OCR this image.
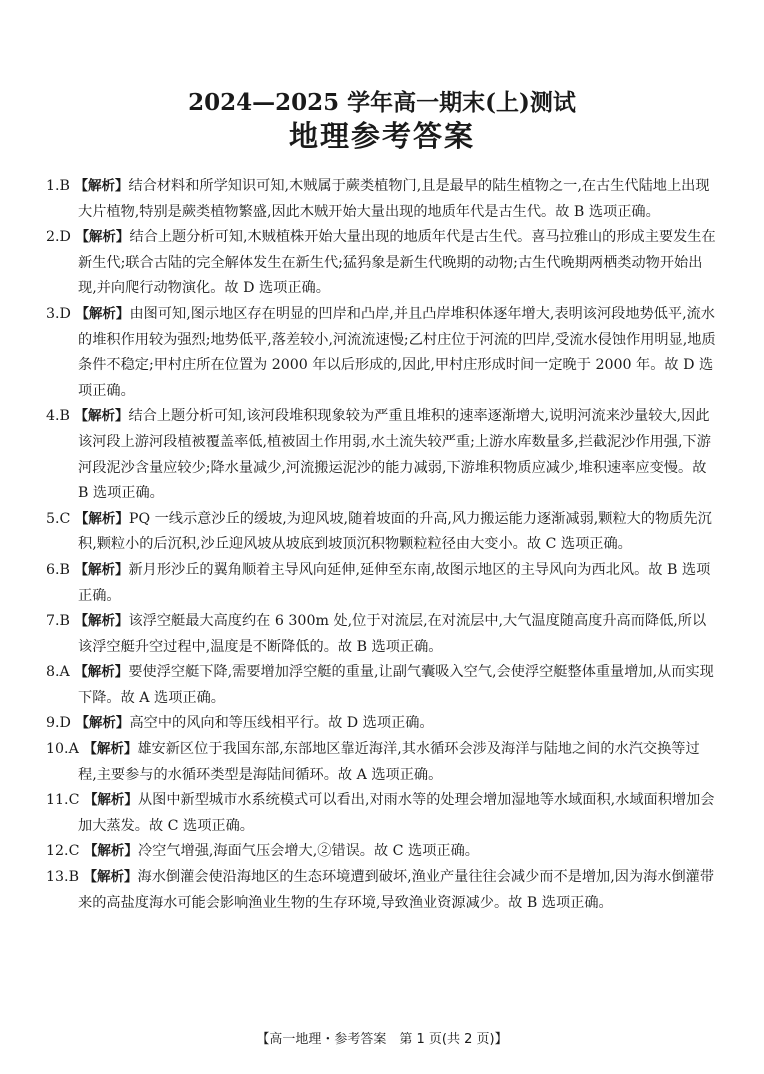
2024—2025 学年高一期末(上)测试
地理参考答案

1.B 【解析】结合材料和所学知识可知,木贼属于蕨类植物门,且是最早的陆生植物之一,在古生代陆地上出现大片植物,特别是蕨类植物繁盛,因此木贼开始大量出现的地质年代是古生代。故 B 选项正确。

2.D 【解析】结合上题分析可知,木贼植株开始大量出现的地质年代是古生代。喜马拉雅山的形成主要发生在新生代;联合古陆的完全解体发生在新生代;猛犸象是新生代晚期的动物;古生代晚期两栖类动物开始出现,并向爬行动物演化。故 D 选项正确。

3.D 【解析】由图可知,图示地区存在明显的凹岸和凸岸,并且凸岸堆积体逐年增大,表明该河段地势低平,流水的堆积作用较为强烈;地势低平,落差较小,河流流速慢;乙村庄位于河流的凹岸,受流水侵蚀作用明显,地质条件不稳定;甲村庄所在位置为 2000 年以后形成的,因此,甲村庄形成时间一定晚于 2000 年。故 D 选项正确。

4.B 【解析】结合上题分析可知,该河段堆积现象较为严重且堆积的速率逐渐增大,说明河流来沙量较大,因此该河段上游河段植被覆盖率低,植被固土作用弱,水土流失较严重;上游水库数量多,拦截泥沙作用强,下游河段泥沙含量应较少;降水量减少,河流搬运泥沙的能力减弱,下游堆积物质应减少,堆积速率应变慢。故 B 选项正确。

5.C 【解析】PQ 一线示意沙丘的缓坡,为迎风坡,随着坡面的升高,风力搬运能力逐渐减弱,颗粒大的物质先沉积,颗粒小的后沉积,沙丘迎风坡从坡底到坡顶沉积物颗粒粒径由大变小。故 C 选项正确。

6.B 【解析】新月形沙丘的翼角顺着主导风向延伸,延伸至东南,故图示地区的主导风向为西北风。故 B 选项正确。

7.B 【解析】该浮空艇最大高度约在 6 300m 处,位于对流层,在对流层中,大气温度随高度升高而降低,所以该浮空艇升空过程中,温度是不断降低的。故 B 选项正确。

8.A 【解析】要使浮空艇下降,需要增加浮空艇的重量,让副气囊吸入空气,会使浮空艇整体重量增加,从而实现下降。故 A 选项正确。

9.D 【解析】高空中的风向和等压线相平行。故 D 选项正确。

10.A 【解析】雄安新区位于我国东部,东部地区靠近海洋,其水循环会涉及海洋与陆地之间的水汽交换等过程,主要参与的水循环类型是海陆间循环。故 A 选项正确。

11.C 【解析】从图中新型城市水系统模式可以看出,对雨水等的处理会增加湿地等水域面积,水域面积增加会加大蒸发。故 C 选项正确。

12.C 【解析】冷空气增强,海面气压会增大,②错误。故 C 选项正确。

13.B 【解析】海水倒灌会使沿海地区的生态环境遭到破坏,渔业产量往往会减少而不是增加,因为海水倒灌带来的高盐度海水可能会影响渔业生物的生存环境,导致渔业资源减少。故 B 选项正确。

【高一地理・参考答案　第 1 页(共 2 页)】
